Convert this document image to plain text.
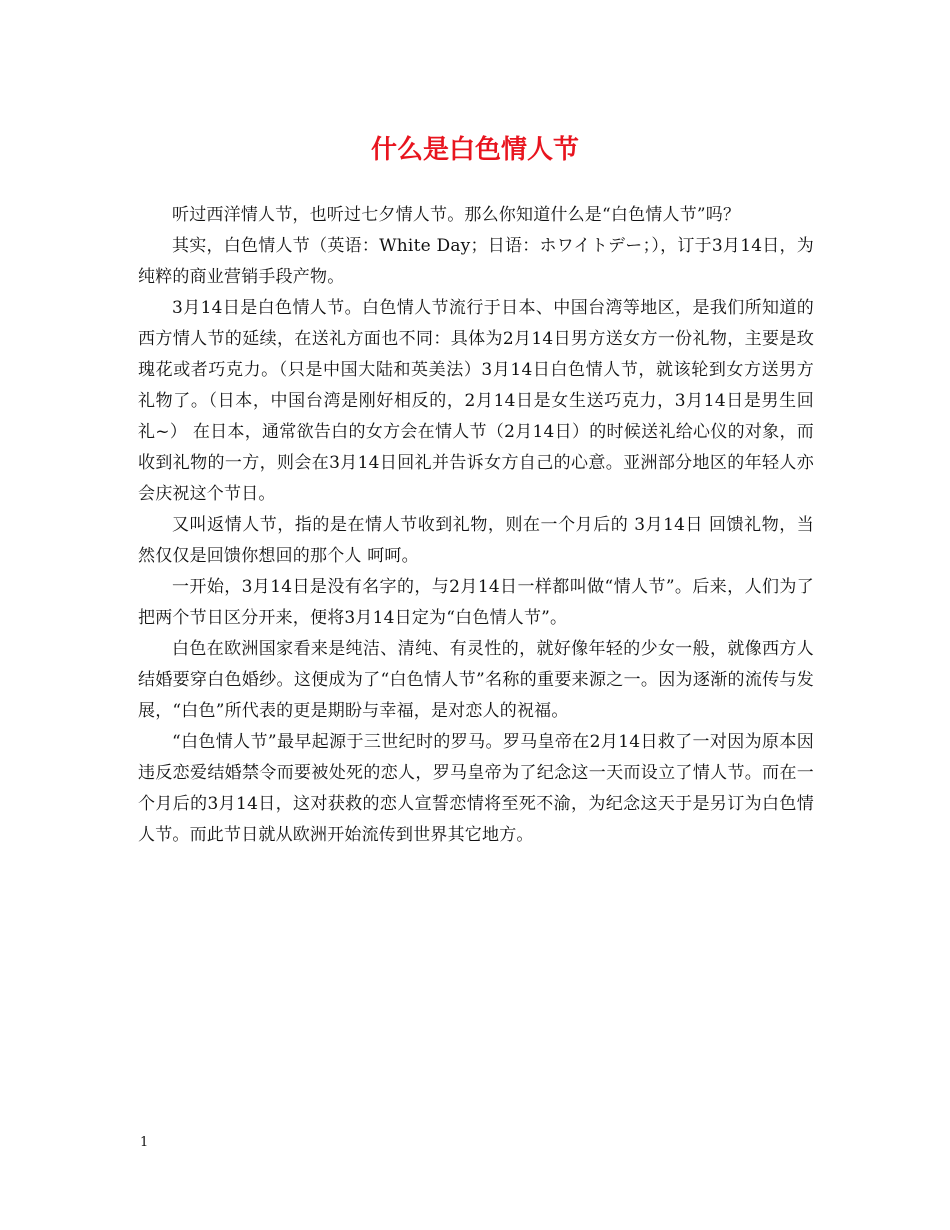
什么是白色情人节

听过西洋情人节，也听过七夕情人节。那么你知道什么是“白色情人节”吗？

其实，白色情人节（英语：White Day；日语：ホワイトデー；），订于3月14日，为纯粹的商业营销手段产物。

3月14日是白色情人节。白色情人节流行于日本、中国台湾等地区，是我们所知道的西方情人节的延续，在送礼方面也不同：具体为2月14日男方送女方一份礼物，主要是玫瑰花或者巧克力。（只是中国大陆和英美法）3月14日白色情人节，就该轮到女方送男方礼物了。（日本，中国台湾是刚好相反的，2月14日是女生送巧克力，3月14日是男生回礼~） 在日本，通常欲告白的女方会在情人节（2月14日）的时候送礼给心仪的对象，而收到礼物的一方，则会在3月14日回礼并告诉女方自己的心意。亚洲部分地区的年轻人亦会庆祝这个节日。

又叫返情人节，指的是在情人节收到礼物，则在一个月后的 3月14日 回馈礼物，当然仅仅是回馈你想回的那个人 呵呵。

一开始，3月14日是没有名字的，与2月14日一样都叫做“情人节”。后来，人们为了把两个节日区分开来，便将3月14日定为“白色情人节”。

白色在欧洲国家看来是纯洁、清纯、有灵性的，就好像年轻的少女一般，就像西方人结婚要穿白色婚纱。这便成为了“白色情人节”名称的重要来源之一。因为逐渐的流传与发展，“白色”所代表的更是期盼与幸福，是对恋人的祝福。

“白色情人节”最早起源于三世纪时的罗马。罗马皇帝在2月14日救了一对因为原本因违反恋爱结婚禁令而要被处死的恋人，罗马皇帝为了纪念这一天而设立了情人节。而在一个月后的3月14日，这对获救的恋人宣誓恋情将至死不渝，为纪念这天于是另订为白色情人节。而此节日就从欧洲开始流传到世界其它地方。

1
